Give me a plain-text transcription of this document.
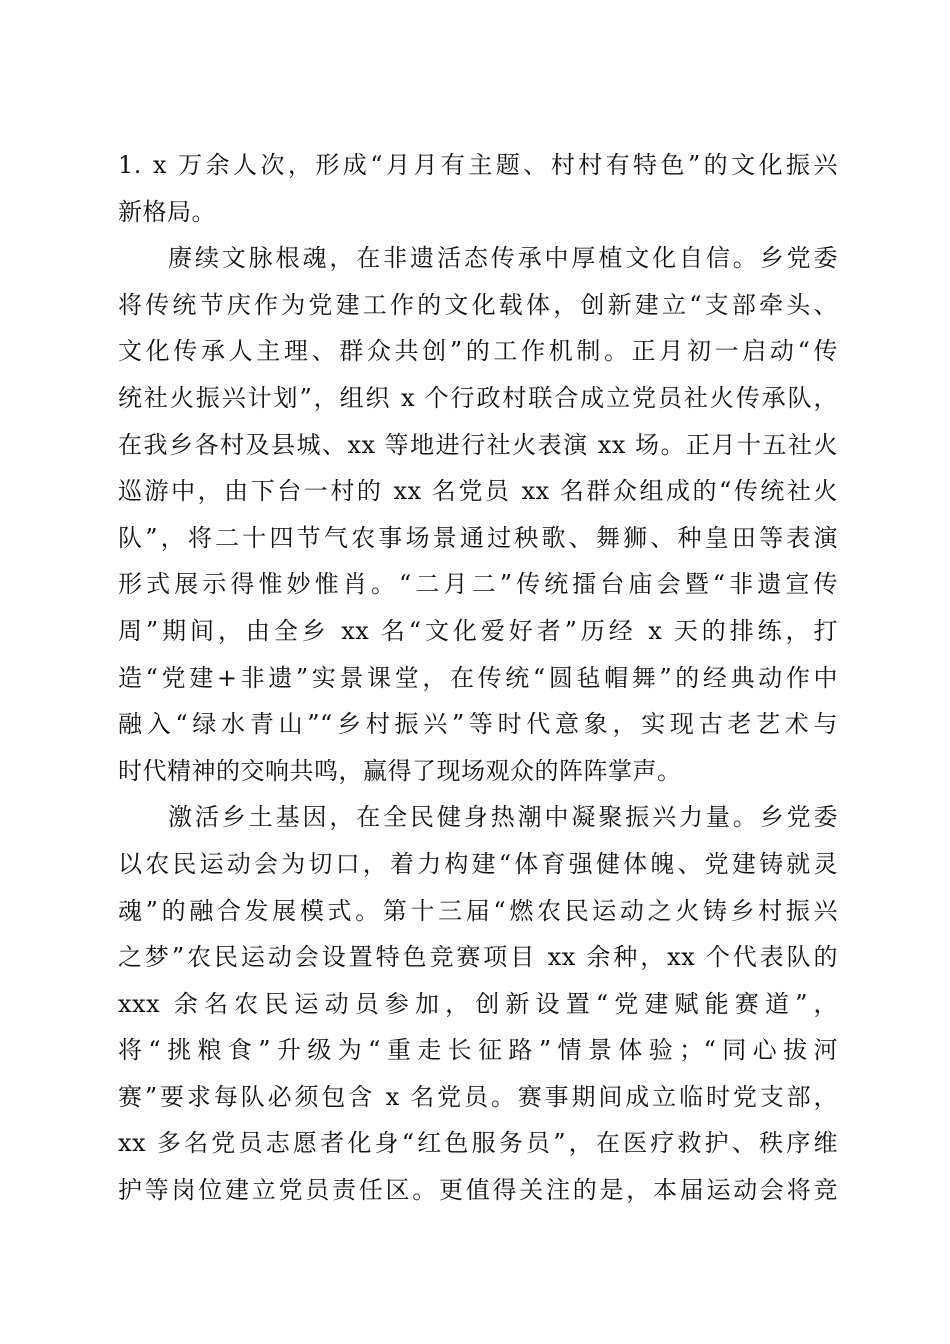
1. x 万余人次，形成“月月有主题、村村有特色”的文化振兴
新格局。
赓续文脉根魂，在非遗活态传承中厚植文化自信。乡党委
将传统节庆作为党建工作的文化载体，创新建立“支部牵头、
文化传承人主理、群众共创”的工作机制。正月初一启动“传
统社火振兴计划”，组织 x 个行政村联合成立党员社火传承队，
在我乡各村及县城、xx 等地进行社火表演 xx 场。正月十五社火
巡游中，由下台一村的 xx 名党员 xx 名群众组成的“传统社火
队”，将二十四节气农事场景通过秧歌、舞狮、种皇田等表演
形式展示得惟妙惟肖。“二月二”传统擂台庙会暨“非遗宣传
周”期间，由全乡 xx 名“文化爱好者”历经 x 天的排练，打
造“党建+非遗”实景课堂，在传统“圆毡帽舞”的经典动作中
融入“绿水青山”“乡村振兴”等时代意象，实现古老艺术与
时代精神的交响共鸣，赢得了现场观众的阵阵掌声。
激活乡土基因，在全民健身热潮中凝聚振兴力量。乡党委
以农民运动会为切口，着力构建“体育强健体魄、党建铸就灵
魂”的融合发展模式。第十三届“燃农民运动之火铸乡村振兴
之梦”农民运动会设置特色竞赛项目 xx 余种，xx 个代表队的
xxx 余名农民运动员参加，创新设置“党建赋能赛道”，
将“挑粮食”升级为“重走长征路”情景体验；“同心拔河
赛”要求每队必须包含 x 名党员。赛事期间成立临时党支部，
xx 多名党员志愿者化身“红色服务员”，在医疗救护、秩序维
护等岗位建立党员责任区。更值得关注的是，本届运动会将竞
